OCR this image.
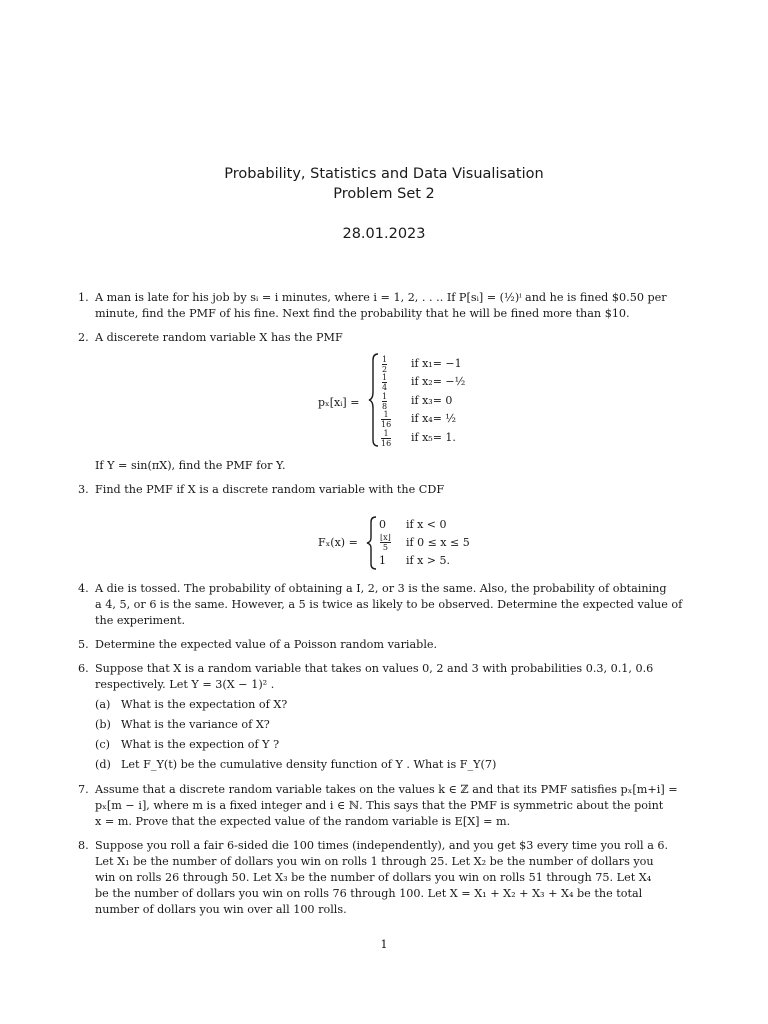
Probability, Statistics and Data Visualisation
Problem Set 2
28.01.2023
1. A man is late for his job by sᵢ = i minutes, where i = 1, 2, . . .. If P[sᵢ] = (½)ⁱ and he is fined $0.50 per
minute, find the PMF of his fine. Next find the probability that he will be fined more than $10.
2. A discerete random variable X has the PMF
pₓ[xᵢ] =
$\frac{1}{2}$ if x₁= −1
$\frac{1}{4}$ if x₂= −½
$\frac{1}{8}$ if x₃= 0
$\frac{1}{16}$ if x₄= ½
$\frac{1}{16}$ if x₅= 1.
If Y = sin(πX), find the PMF for Y.
3. Find the PMF if X is a discrete random variable with the CDF
Fₓ(x) =
0 if x < 0
$\frac{⌊x⌋}{5}$ if 0 ≤ x ≤ 5
1 if x > 5.
4. A die is tossed. The probability of obtaining a I, 2, or 3 is the same. Also, the probability of obtaining
a 4, 5, or 6 is the same. However, a 5 is twice as likely to be observed. Determine the expected value of
the experiment.
5. Determine the expected value of a Poisson random variable.
6. Suppose that X is a random variable that takes on values 0, 2 and 3 with probabilities 0.3, 0.1, 0.6
respectively. Let Y = 3(X − 1)² .
(a) What is the expectation of X?
(b) What is the variance of X?
(c) What is the expection of Y ?
(d) Let F_Y(t) be the cumulative density function of Y . What is F_Y(7)
7. Assume that a discrete random variable takes on the values k ∈ ℤ and that its PMF satisfies pₓ[m+i] =
pₓ[m − i], where m is a fixed integer and i ∈ ℕ. This says that the PMF is symmetric about the point
x = m. Prove that the expected value of the random variable is E[X] = m.
8. Suppose you roll a fair 6-sided die 100 times (independently), and you get $3 every time you roll a 6.
Let X₁ be the number of dollars you win on rolls 1 through 25. Let X₂ be the number of dollars you
win on rolls 26 through 50. Let X₃ be the number of dollars you win on rolls 51 through 75. Let X₄
be the number of dollars you win on rolls 76 through 100. Let X = X₁ + X₂ + X₃ + X₄ be the total
number of dollars you win over all 100 rolls.
1
